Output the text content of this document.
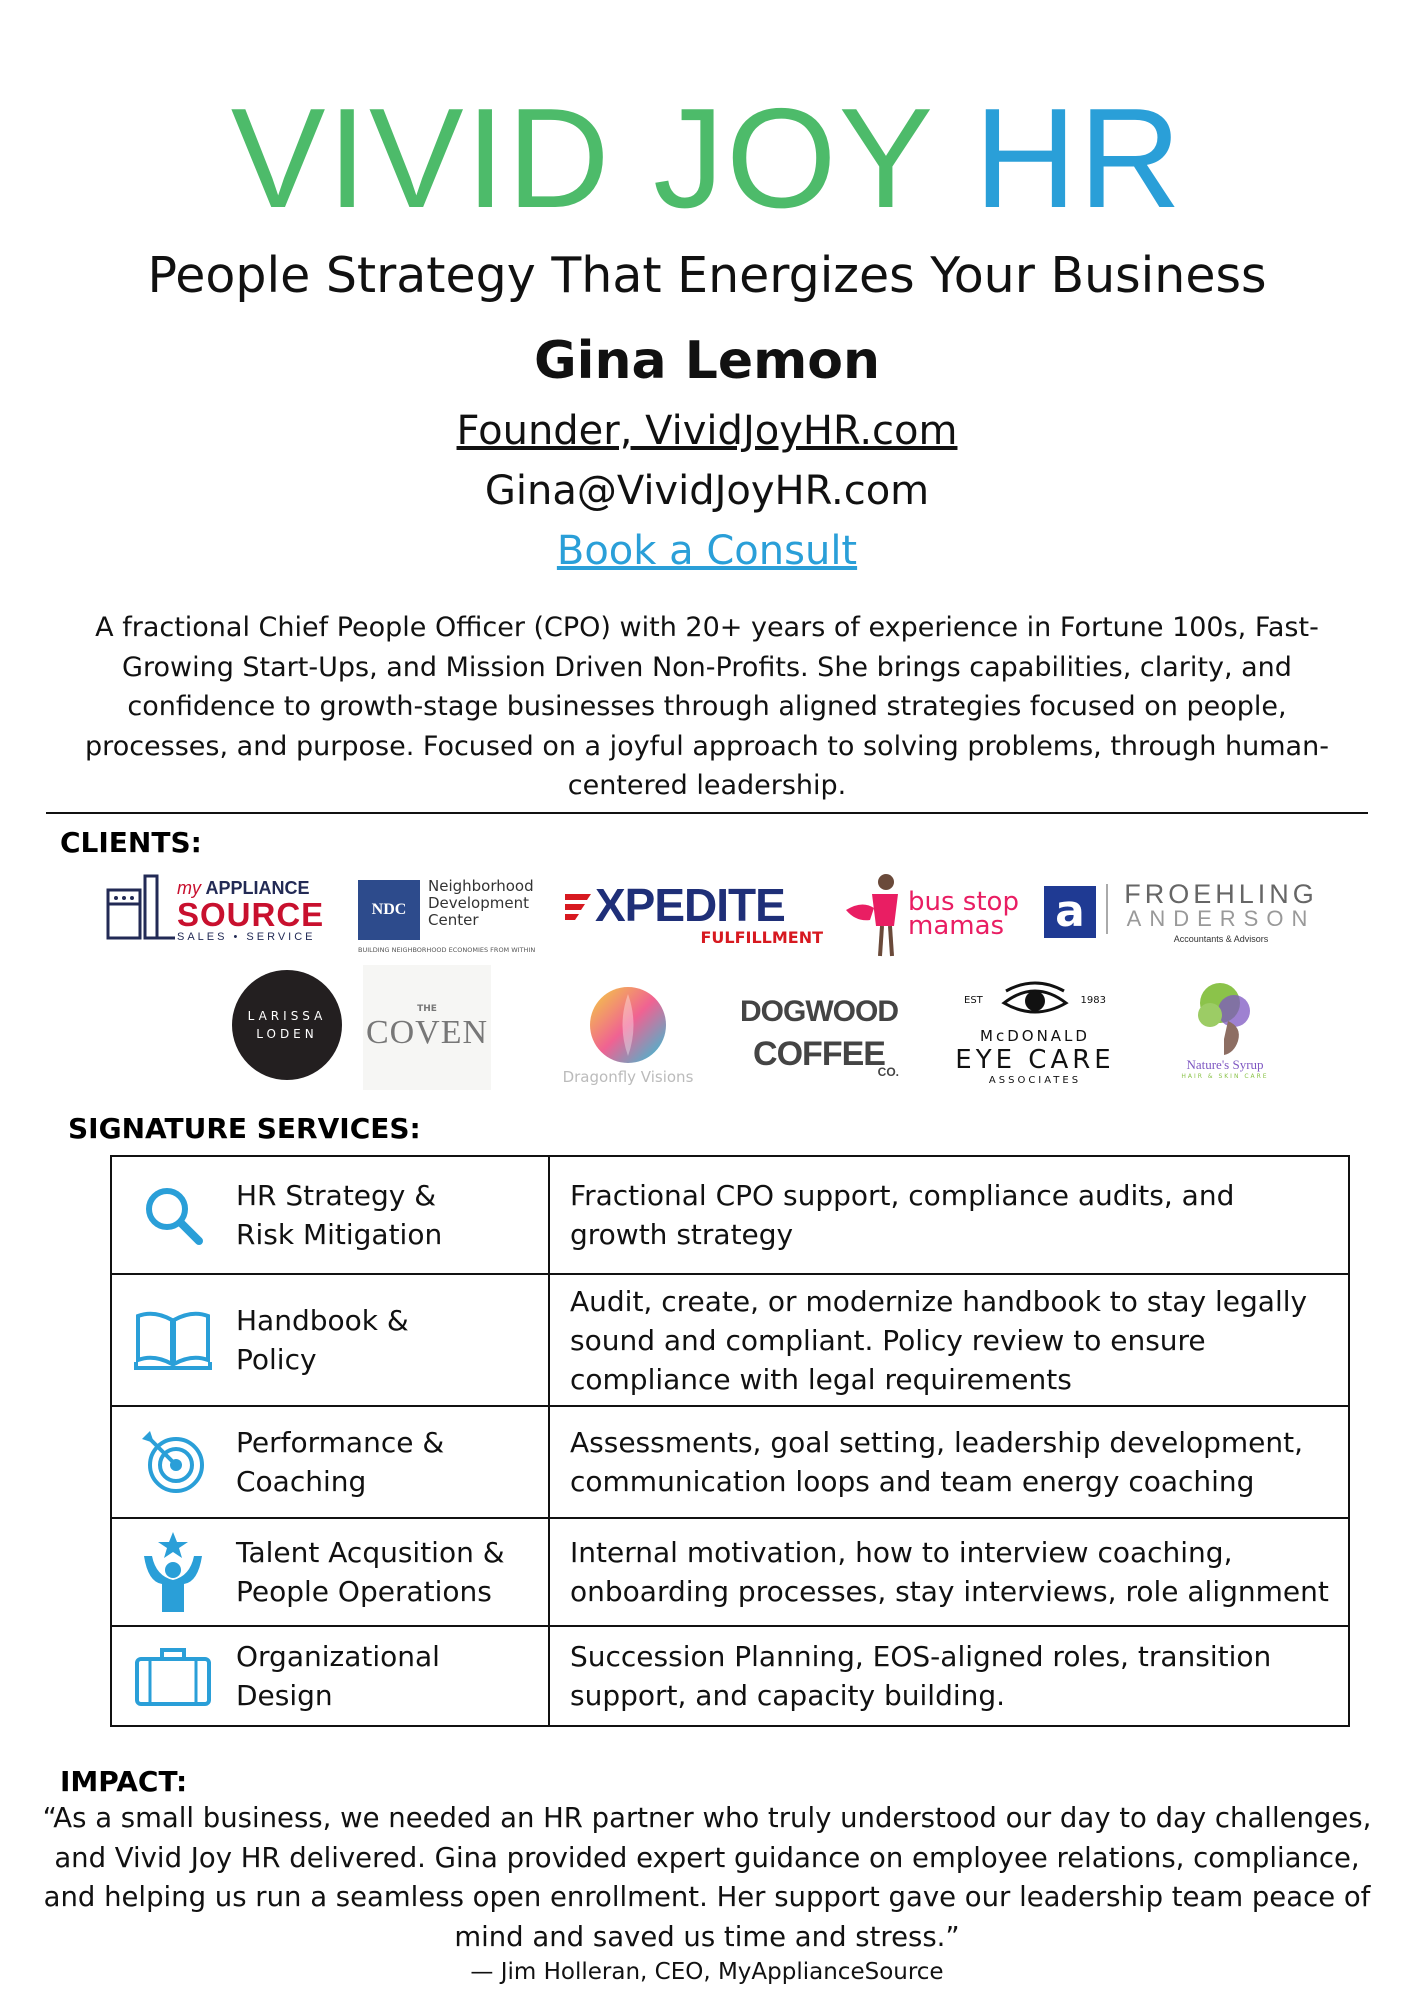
VIVID JOY HR
People Strategy That Energizes Your Business
Gina Lemon
Founder, VividJoyHR.com
Gina@VividJoyHR.com
Book a Consult
A fractional Chief People Officer (CPO) with 20+ years of experience in Fortune 100s, Fast-Growing Start-Ups, and Mission Driven Non-Profits. She brings capabilities, clarity, and confidence to growth-stage businesses through aligned strategies focused on people, processes, and purpose. Focused on a joyful approach to solving problems, through human-centered leadership.
CLIENTS:
my APPLIANCE
SOURCE
SALES • SERVICE
NDC
Neighborhood
Development
Center
BUILDING NEIGHBORHOOD ECONOMIES FROM WITHIN
XPEDITE
FULFILLMENT
bus stop
mamas	a	FROEHLING
ANDERSON
Accountants & Advisors
LARISSA
LODEN
THE
COVEN
Dragonfly Visions
DOGWOOD
COFFEE
CO.
EST	1983
McDONALD
EYE CARE
ASSOCIATES
Nature's Syrup
HAIR & SKIN CARE
SIGNATURE SERVICES:
HR Strategy & Risk Mitigation	Fractional CPO support, compliance audits, and growth strategy

Handbook & Policy	Audit, create, or modernize handbook to stay legally sound and compliant. Policy review to ensure compliance with legal requirements

Performance & Coaching	Assessments, goal setting, leadership development, communication loops and team energy coaching

Talent Acqusition & People Operations	Internal motivation, how to interview coaching, onboarding processes, stay interviews, role alignment

Organizational Design	Succession Planning, EOS-aligned roles, transition support, and capacity building.
IMPACT:
“As a small business, we needed an HR partner who truly understood our day to day challenges, and Vivid Joy HR delivered. Gina provided expert guidance on employee relations, compliance, and helping us run a seamless open enrollment. Her support gave our leadership team peace of mind and saved us time and stress.”
— Jim Holleran, CEO, MyApplianceSource
